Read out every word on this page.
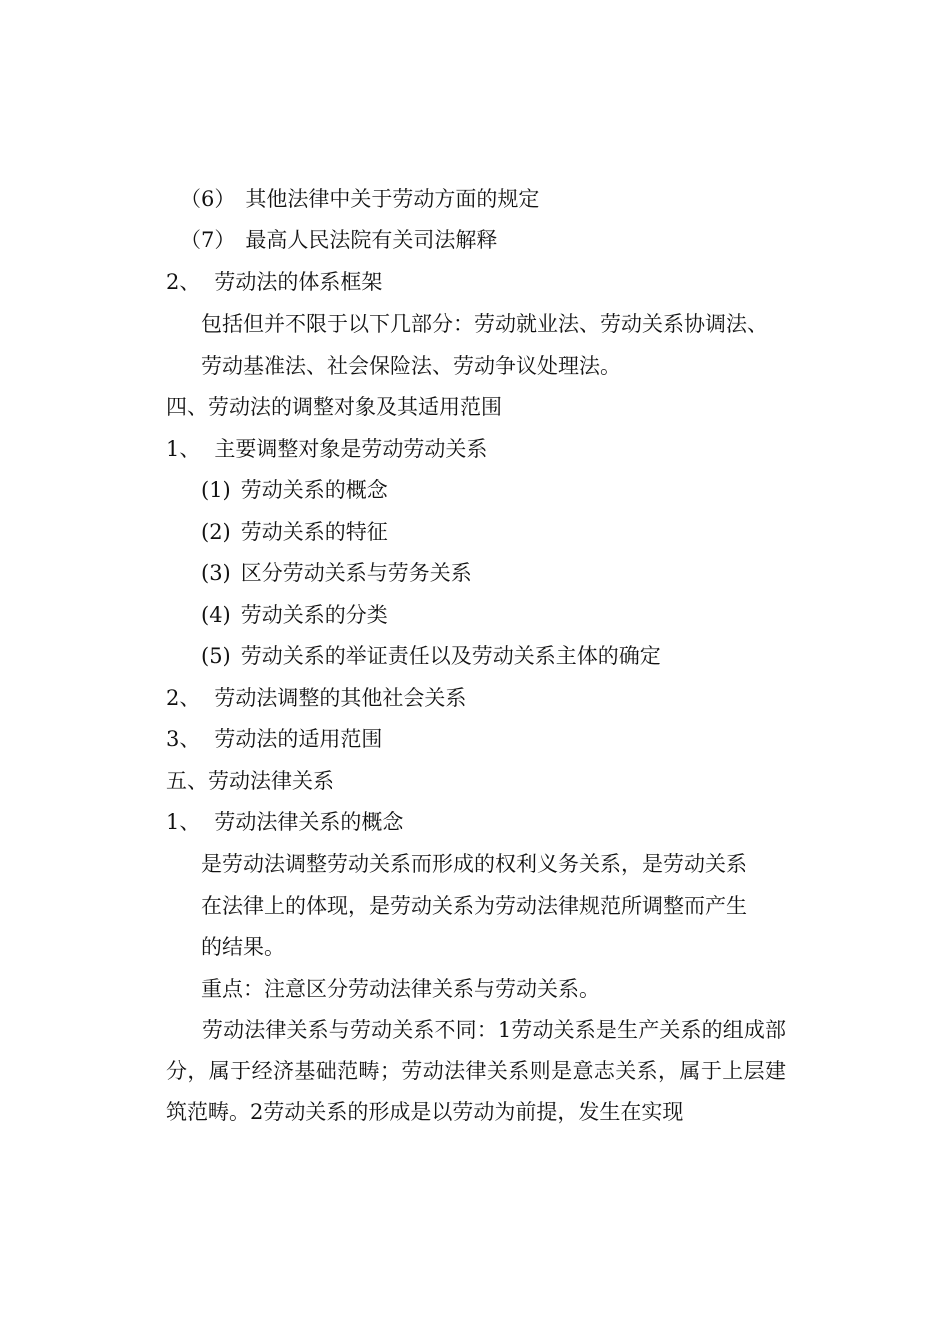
（6） 其他法律中关于劳动方面的规定
（7） 最高人民法院有关司法解释
2、 劳动法的体系框架
包括但并不限于以下几部分：劳动就业法、劳动关系协调法、
劳动基准法、社会保险法、劳动争议处理法。
四、劳动法的调整对象及其适用范围
1、 主要调整对象是劳动劳动关系
(1) 劳动关系的概念
(2) 劳动关系的特征
(3) 区分劳动关系与劳务关系
(4) 劳动关系的分类
(5) 劳动关系的举证责任以及劳动关系主体的确定
2、 劳动法调整的其他社会关系
3、 劳动法的适用范围
五、劳动法律关系
1、 劳动法律关系的概念
是劳动法调整劳动关系而形成的权利义务关系，是劳动关系
在法律上的体现，是劳动关系为劳动法律规范所调整而产生
的结果。
重点：注意区分劳动法律关系与劳动关系。
劳动法律关系与劳动关系不同：1劳动关系是生产关系的组成部分，属于经济基础范畴；劳动法律关系则是意志关系，属于上层建筑范畴。2劳动关系的形成是以劳动为前提，发生在实现
